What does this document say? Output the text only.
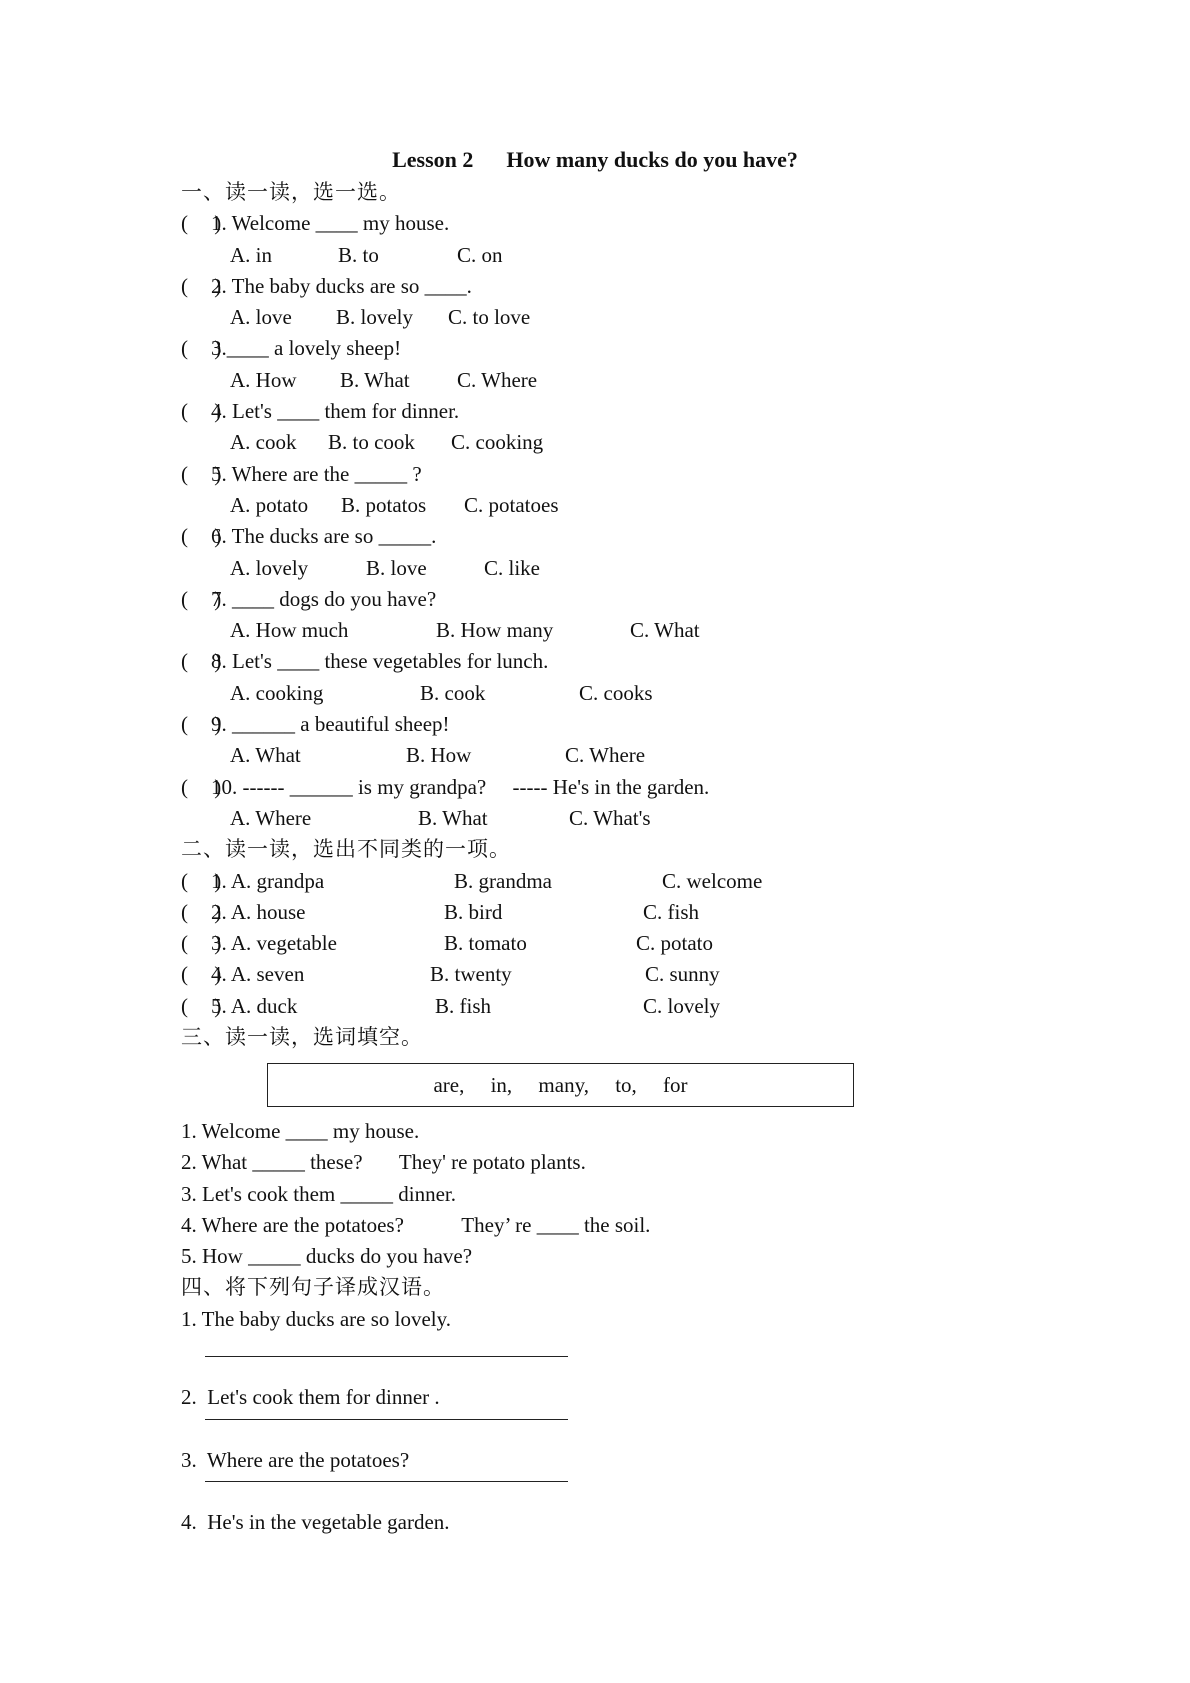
Lesson 2      How many ducks do you have?
一、读一读，选一选。

(     )

1. Welcome ____ my house.

A. in

	B. to

	C. on

(     )

2. The baby ducks are so ____.

A. love

B. lovely

C. to love

(     )

3.____ a lovely sheep!

A. How

B. What

C. Where

(     )

4. Let's ____ them for dinner.

A. cook

B. to cook

C. cooking

(     )

5. Where are the _____ ?

A. potato

B. potatos

C. potatoes

(     )

6. The ducks are so _____.

A. lovely

	B. love

	C. like

(     )

7. ____ dogs do you have?

A. How much

	B. How many

	C. What

(     )

8. Let's ____ these vegetables for lunch.

A. cooking

	B. cook

	C. cooks

(     )

9. ______ a beautiful sheep!

A. What

	B. How

	C. Where

(     )

10. ------ ______ is my grandpa?     ----- He's in the garden.

A. Where

	B. What

	C. What's

二、读一读，选出不同类的一项。

(     )

1. A. grandpa

	B. grandma

	C. welcome

(     )

2. A. house

	B. bird

	C. fish

(     )

3. A. vegetable

	B. tomato

	C. potato

(     )

4. A. seven

	B. twenty

	C. sunny

(     )

5. A. duck

	B. fish

	C. lovely

三、读一读，选词填空。
are,     in,     many,     to,     for
1. Welcome ____ my house.
2. What _____ these?       They' re potato plants.
3. Let's cook them _____ dinner.
4. Where are the potatoes?           They’ re ____ the soil.
5. How _____ ducks do you have?
四、将下列句子译成汉语。
1. The baby ducks are so lovely.
2.  Let's cook them for dinner .
3.  Where are the potatoes?
4.  He's in the vegetable garden.
